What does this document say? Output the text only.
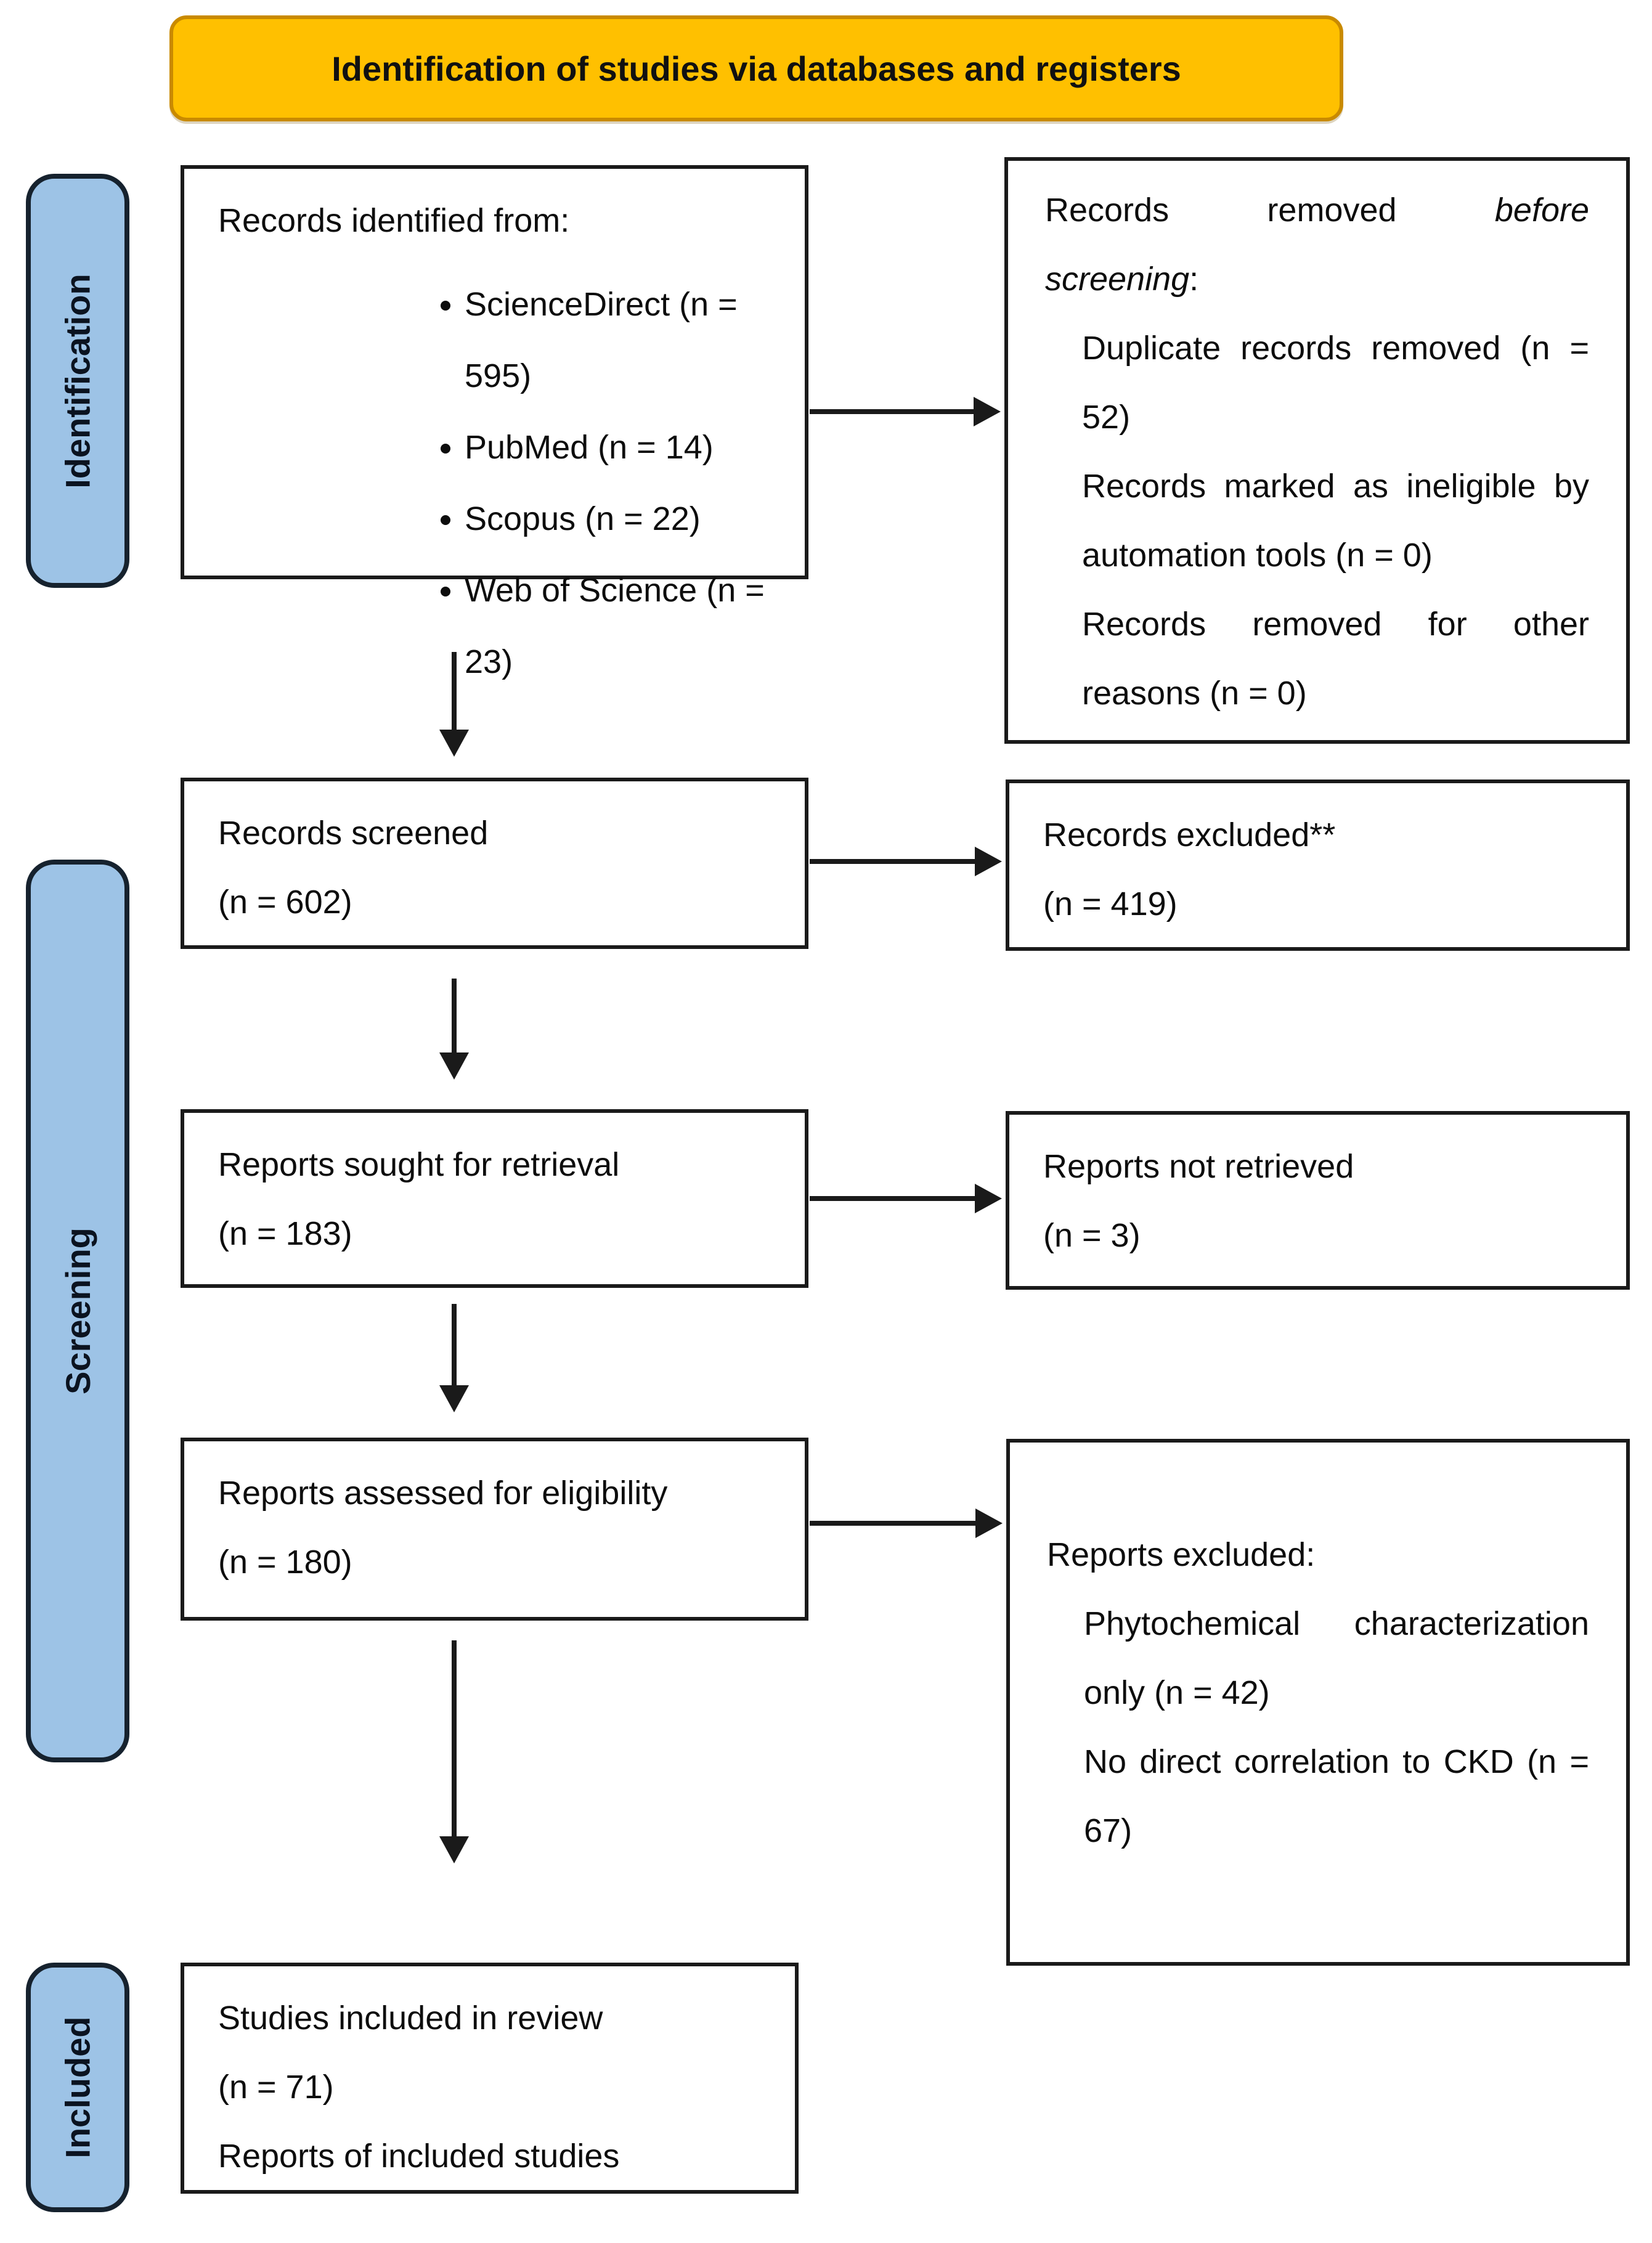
Identification of studies via databases and registers
Identification
Screening
Included
Records identified from:
• ScienceDirect (n = 595)
• PubMed (n = 14)
• Scopus (n = 22)
• Web of Science (n = 23)
Records screened
(n = 602)
Reports sought for retrieval
(n = 183)
Reports assessed for eligibility
(n = 180)
Studies included in review
(n = 71)
Reports of included studies
Records removed before
screening:

Duplicate records removed (n = 52)

Records marked as ineligible by automation tools (n = 0)

Records removed for other reasons (n = 0)

Records excluded**
(n = 419)
Reports not retrieved
(n = 3)
Reports excluded:

Phytochemical characterization only (n = 42)

No direct correlation to CKD (n = 67)
